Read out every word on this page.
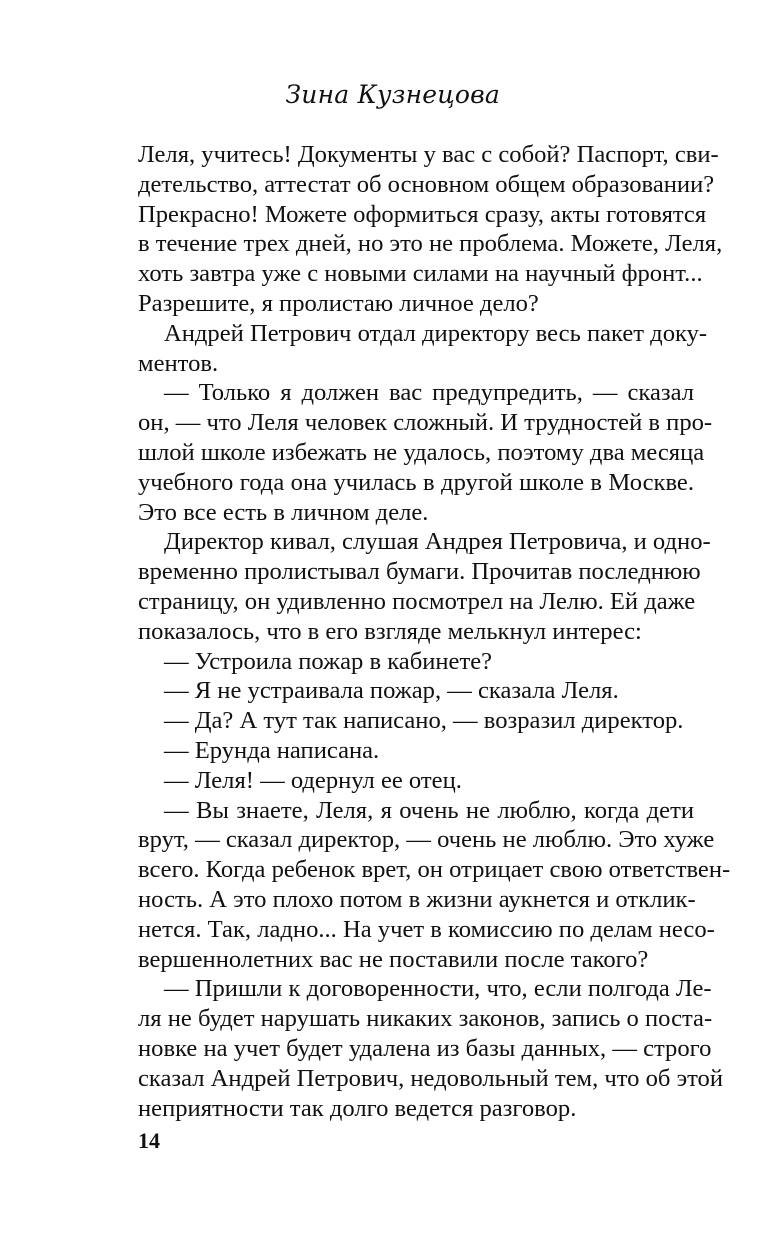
Зина Кузнецова
Леля, учитесь! Документы у вас с собой? Паспорт, сви-
детельство, аттестат об основном общем образовании?
Прекрасно! Можете оформиться сразу, акты готовятся
в течение трех дней, но это не проблема. Можете, Леля,
хоть завтра уже с новыми силами на научный фронт...
Разрешите, я пролистаю личное дело?
Андрей Петрович отдал директору весь пакет доку-
ментов.
— Только я должен вас предупредить, — сказал
он, — что Леля человек сложный. И трудностей в про-
шлой школе избежать не удалось, поэтому два месяца
учебного года она училась в другой школе в Москве.
Это все есть в личном деле.
Директор кивал, слушая Андрея Петровича, и одно-
временно пролистывал бумаги. Прочитав последнюю
страницу, он удивленно посмотрел на Лелю. Ей даже
показалось, что в его взгляде мелькнул интерес:
— Устроила пожар в кабинете?
— Я не устраивала пожар, — сказала Леля.
— Да? А тут так написано, — возразил директор.
— Ерунда написана.
— Леля! — одернул ее отец.
— Вы знаете, Леля, я очень не люблю, когда дети
врут, — сказал директор, — очень не люблю. Это хуже
всего. Когда ребенок врет, он отрицает свою ответствен-
ность. А это плохо потом в жизни аукнется и отклик-
нется. Так, ладно... На учет в комиссию по делам несо-
вершеннолетних вас не поставили после такого?
— Пришли к договоренности, что, если полгода Ле-
ля не будет нарушать никаких законов, запись о поста-
новке на учет будет удалена из базы данных, — строго
сказал Андрей Петрович, недовольный тем, что об этой
неприятности так долго ведется разговор.
14
